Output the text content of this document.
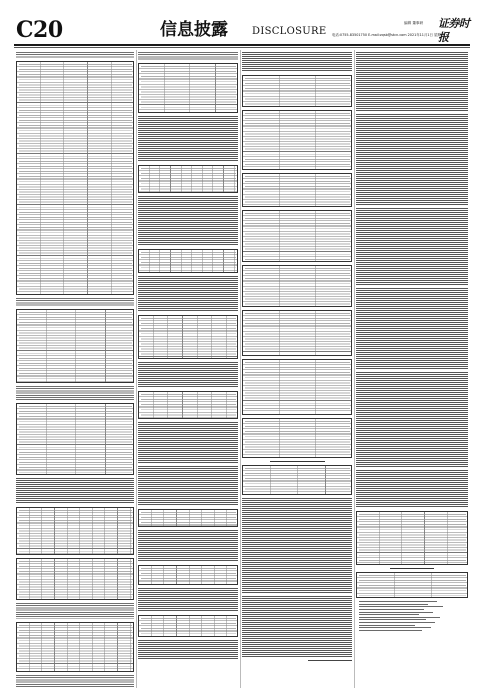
C20	信息披露 DISCLOSURE
编辑 董事研
电话:0755-83501750 E-mail:zqsb@stcn.com 2021年11月1日 星期一
证券时报
